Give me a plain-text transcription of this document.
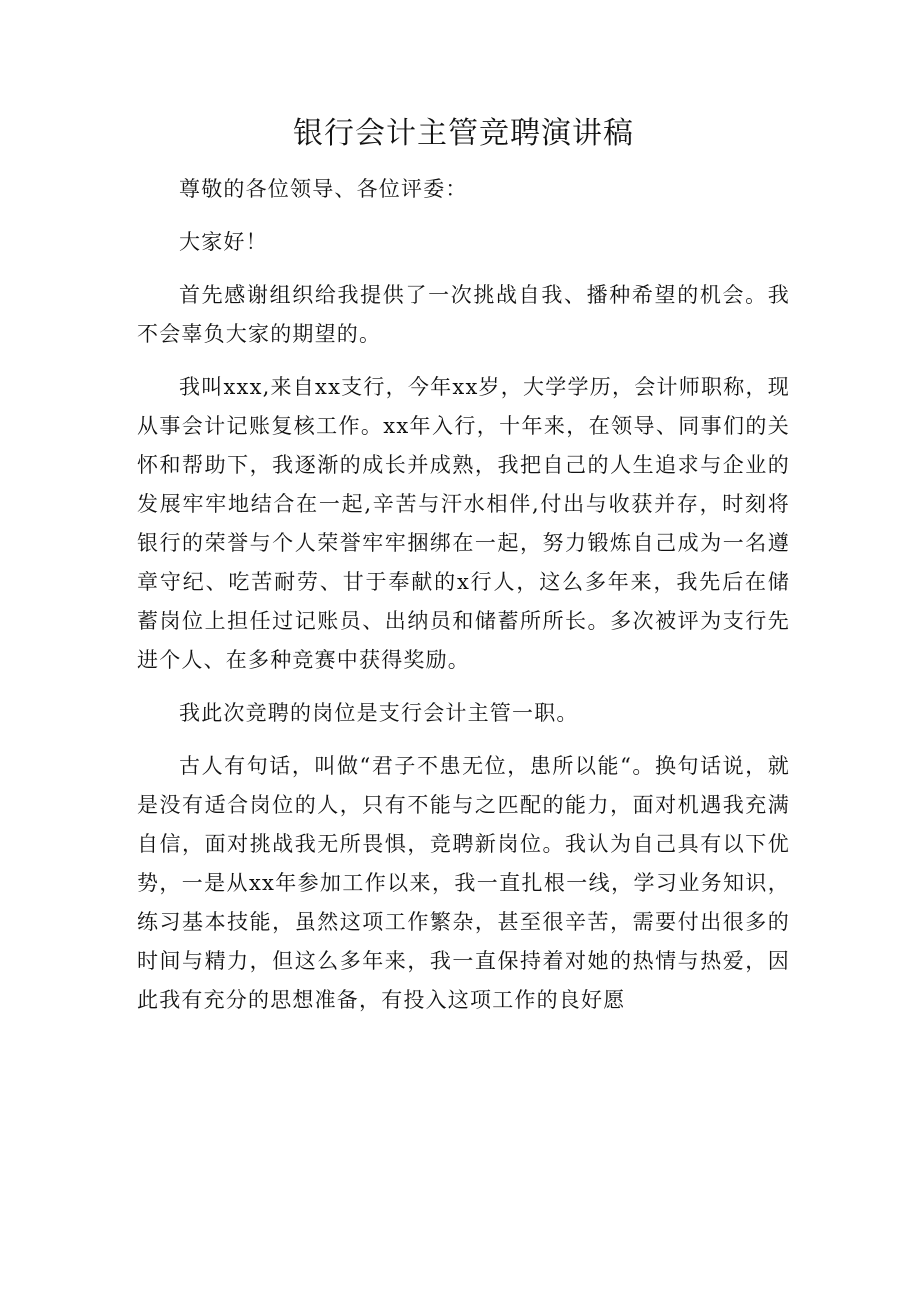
银行会计主管竞聘演讲稿

尊敬的各位领导、各位评委：

大家好！

首先感谢组织给我提供了一次挑战自我、播种希望的机会。我不会辜负大家的期望的。

我叫xxx,来自xx支行，今年xx岁，大学学历，会计师职称，现从事会计记账复核工作。xx年入行，十年来，在领导、同事们的关怀和帮助下，我逐渐的成长并成熟，我把自己的人生追求与企业的发展牢牢地结合在一起,辛苦与汗水相伴,付出与收获并存，时刻将银行的荣誉与个人荣誉牢牢捆绑在一起，努力锻炼自己成为一名遵章守纪、吃苦耐劳、甘于奉献的x行人，这么多年来，我先后在储蓄岗位上担任过记账员、出纳员和储蓄所所长。多次被评为支行先进个人、在多种竞赛中获得奖励。

我此次竞聘的岗位是支行会计主管一职。

古人有句话，叫做“君子不患无位，患所以能“。换句话说，就是没有适合岗位的人，只有不能与之匹配的能力，面对机遇我充满自信，面对挑战我无所畏惧，竞聘新岗位。我认为自己具有以下优势，一是从xx年参加工作以来，我一直扎根一线，学习业务知识，练习基本技能，虽然这项工作繁杂，甚至很辛苦，需要付出很多的时间与精力，但这么多年来，我一直保持着对她的热情与热爱，因此我有充分的思想准备，有投入这项工作的良好愿
